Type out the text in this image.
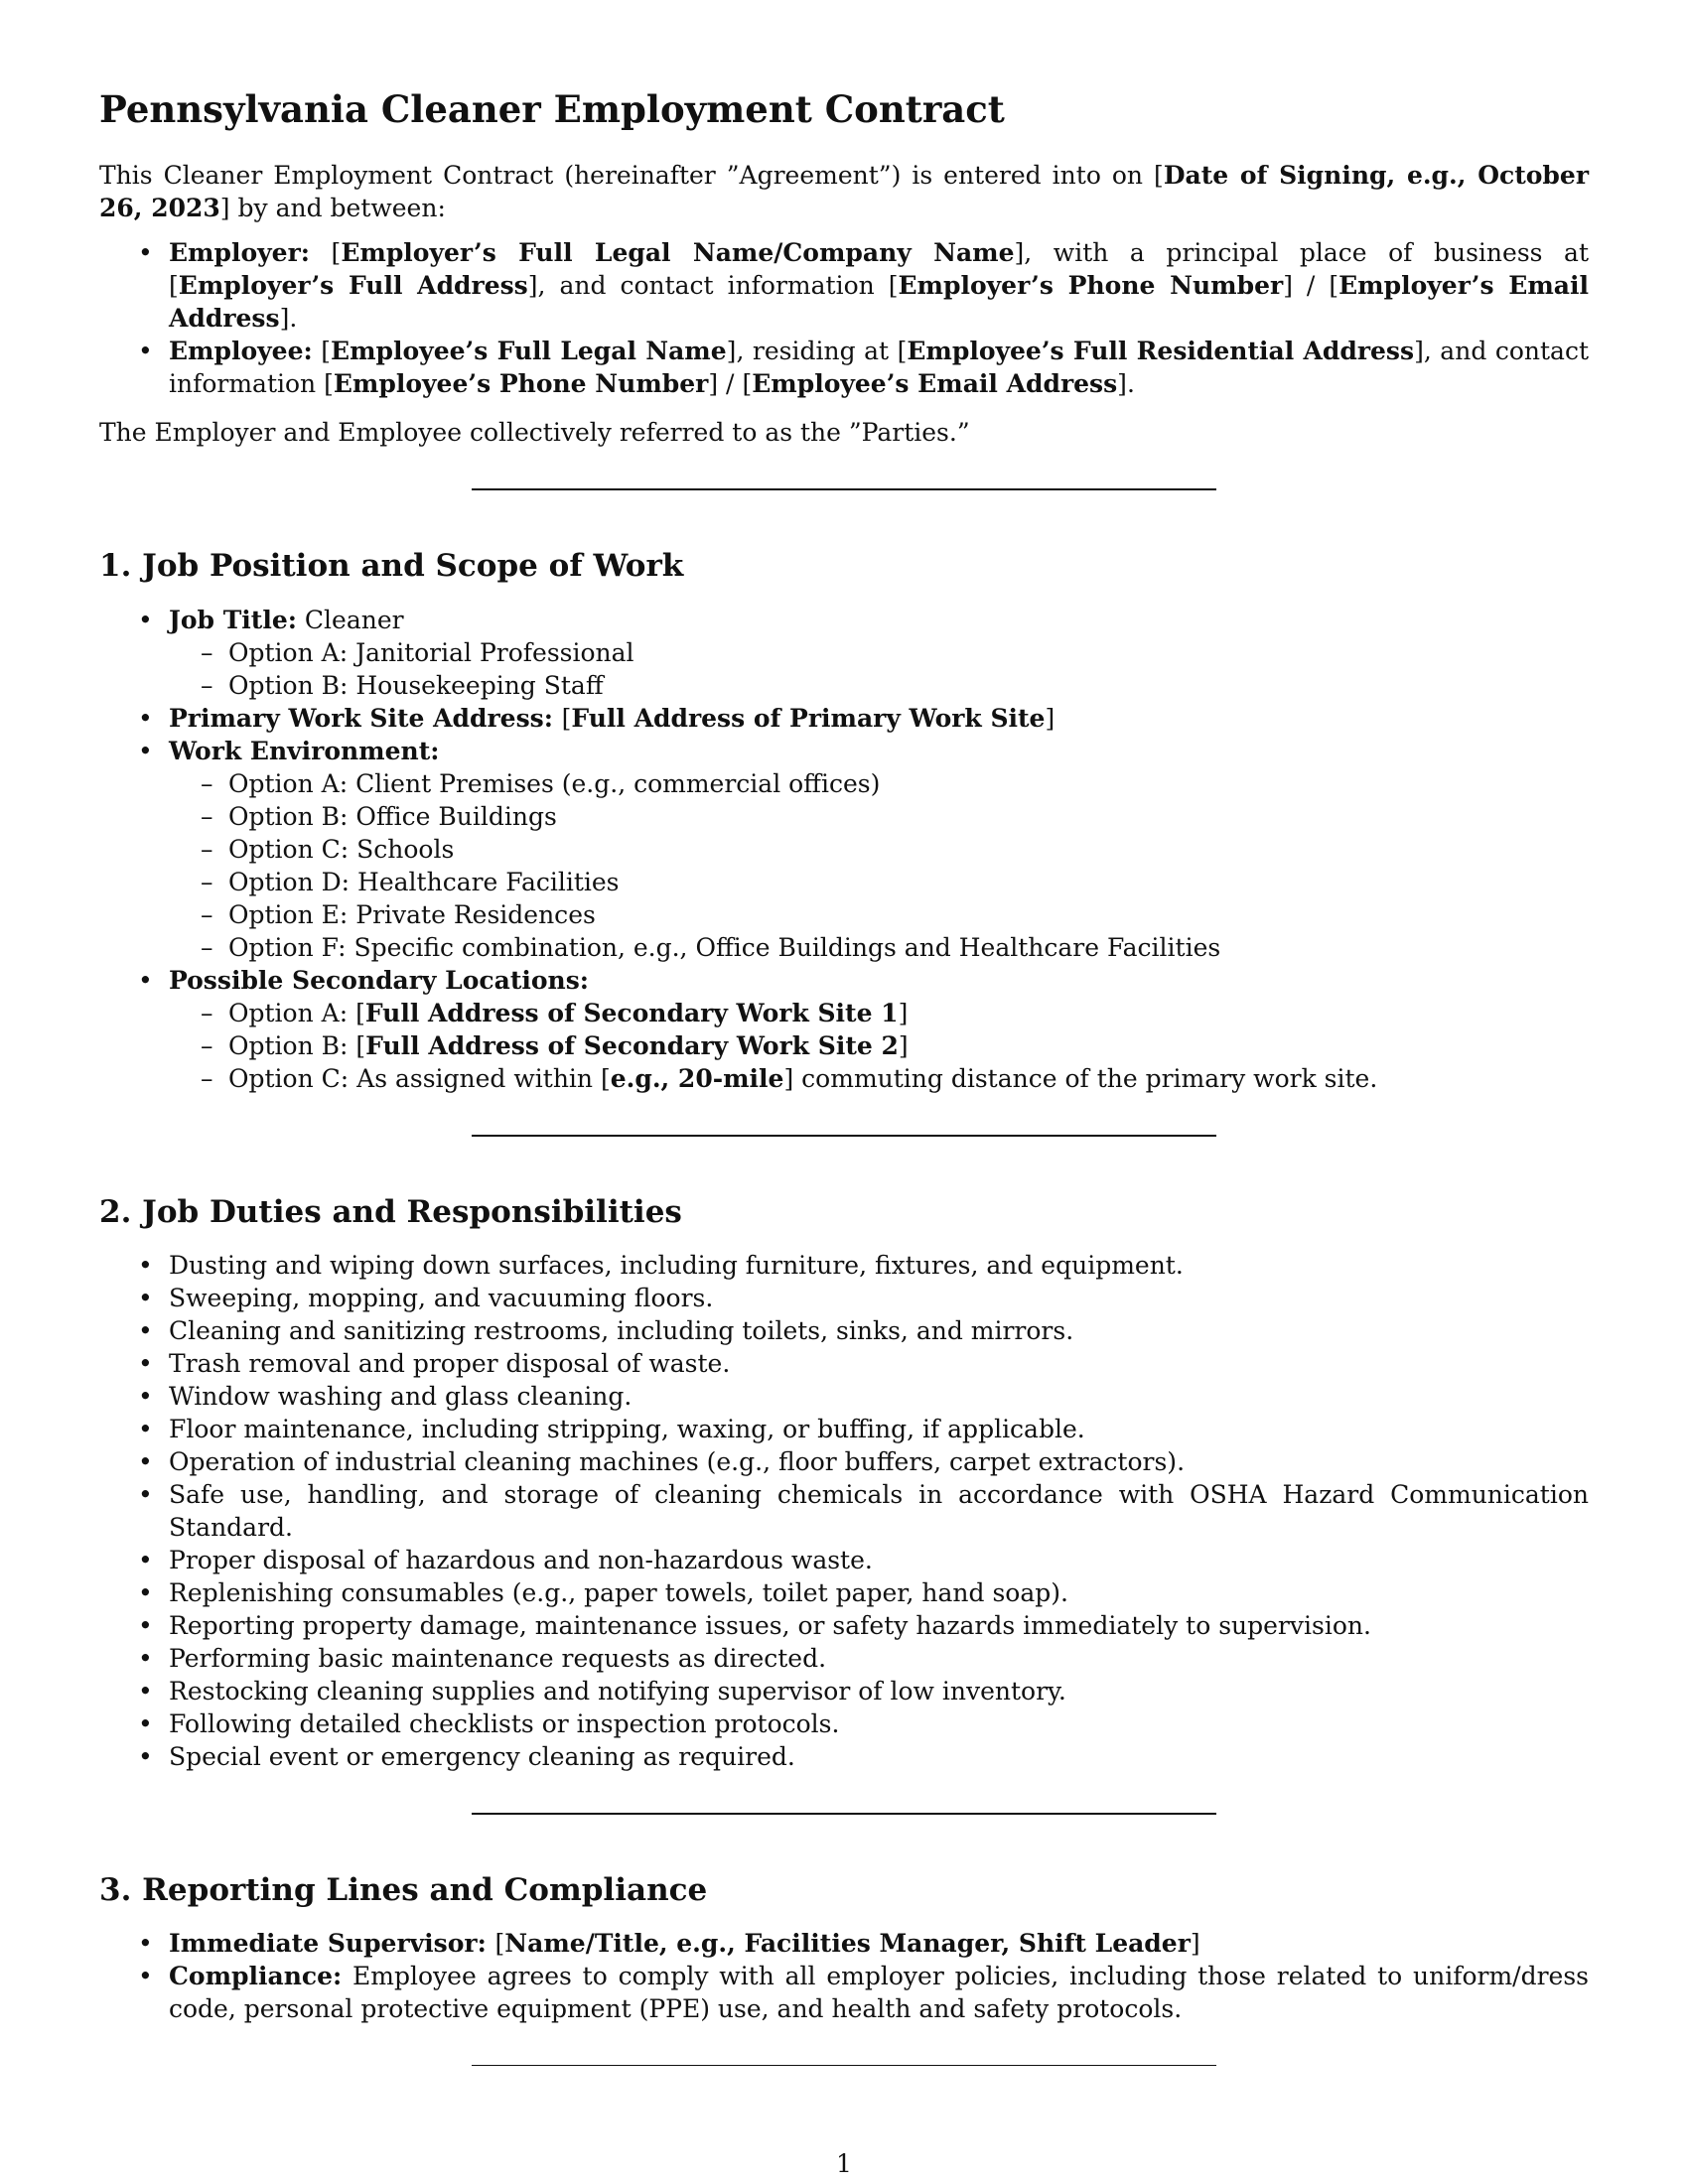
Pennsylvania Cleaner Employment Contract

This Cleaner Employment Contract (hereinafter ”Agreement”) is entered into on [Date of Signing, e.g., October 26, 2023] by and between:

• Employer: [Employer’s Full Legal Name/Company Name], with a principal place of business at [Employer’s Full Address], and contact information [Employer’s Phone Number] / [Employer’s Email Address].
• Employee: [Employee’s Full Legal Name], residing at [Employee’s Full Residential Address], and contact information [Employee’s Phone Number] / [Employee’s Email Address].

The Employer and Employee collectively referred to as the ”Parties.”

1. Job Position and Scope of Work
• Job Title: Cleaner
– Option A: Janitorial Professional
– Option B: Housekeeping Staff
• Primary Work Site Address: [Full Address of Primary Work Site]
• Work Environment:
– Option A: Client Premises (e.g., commercial offices)
– Option B: Office Buildings
– Option C: Schools
– Option D: Healthcare Facilities
– Option E: Private Residences
– Option F: Specific combination, e.g., Office Buildings and Healthcare Facilities
• Possible Secondary Locations:
– Option A: [Full Address of Secondary Work Site 1]
– Option B: [Full Address of Secondary Work Site 2]
– Option C: As assigned within [e.g., 20-mile] commuting distance of the primary work site.
2. Job Duties and Responsibilities
• Dusting and wiping down surfaces, including furniture, fixtures, and equipment.
• Sweeping, mopping, and vacuuming floors.
• Cleaning and sanitizing restrooms, including toilets, sinks, and mirrors.
• Trash removal and proper disposal of waste.
• Window washing and glass cleaning.
• Floor maintenance, including stripping, waxing, or buffing, if applicable.
• Operation of industrial cleaning machines (e.g., floor buffers, carpet extractors).
• Safe use, handling, and storage of cleaning chemicals in accordance with OSHA Hazard Communication Standard.
• Proper disposal of hazardous and non-hazardous waste.
• Replenishing consumables (e.g., paper towels, toilet paper, hand soap).
• Reporting property damage, maintenance issues, or safety hazards immediately to supervision.
• Performing basic maintenance requests as directed.
• Restocking cleaning supplies and notifying supervisor of low inventory.
• Following detailed checklists or inspection protocols.
• Special event or emergency cleaning as required.
3. Reporting Lines and Compliance
• Immediate Supervisor: [Name/Title, e.g., Facilities Manager, Shift Leader]
• Compliance: Employee agrees to comply with all employer policies, including those related to uniform/dress code, personal protective equipment (PPE) use, and health and safety protocols.
1
